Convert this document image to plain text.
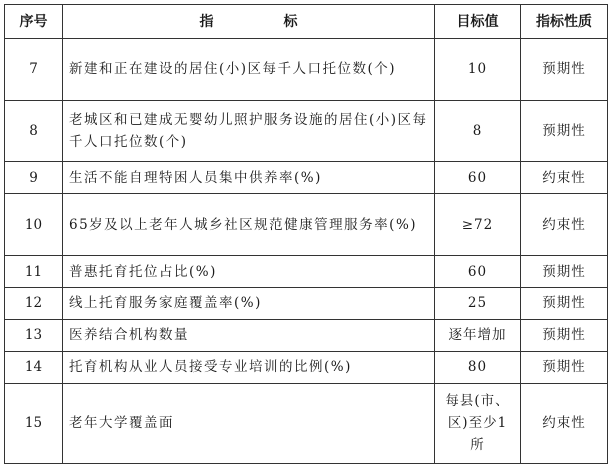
序号	指 标	目标值	指标性质
7	新建和正在建设的居住(小)区每千人口托位数(个)	10	预期性
8	老城区和已建成无婴幼儿照护服务设施的居住(小)区每千人口托位数(个)	8	预期性
9	生活不能自理特困人员集中供养率(%)	60	约束性
10	65岁及以上老年人城乡社区规范健康管理服务率(%)	≥72	约束性
11	普惠托育托位占比(%)	60	预期性
12	线上托育服务家庭覆盖率(%)	25	预期性
13	医养结合机构数量	逐年增加	预期性
14	托育机构从业人员接受专业培训的比例(%)	80	预期性
15	老年大学覆盖面	每县(市、区)至少1所	约束性
